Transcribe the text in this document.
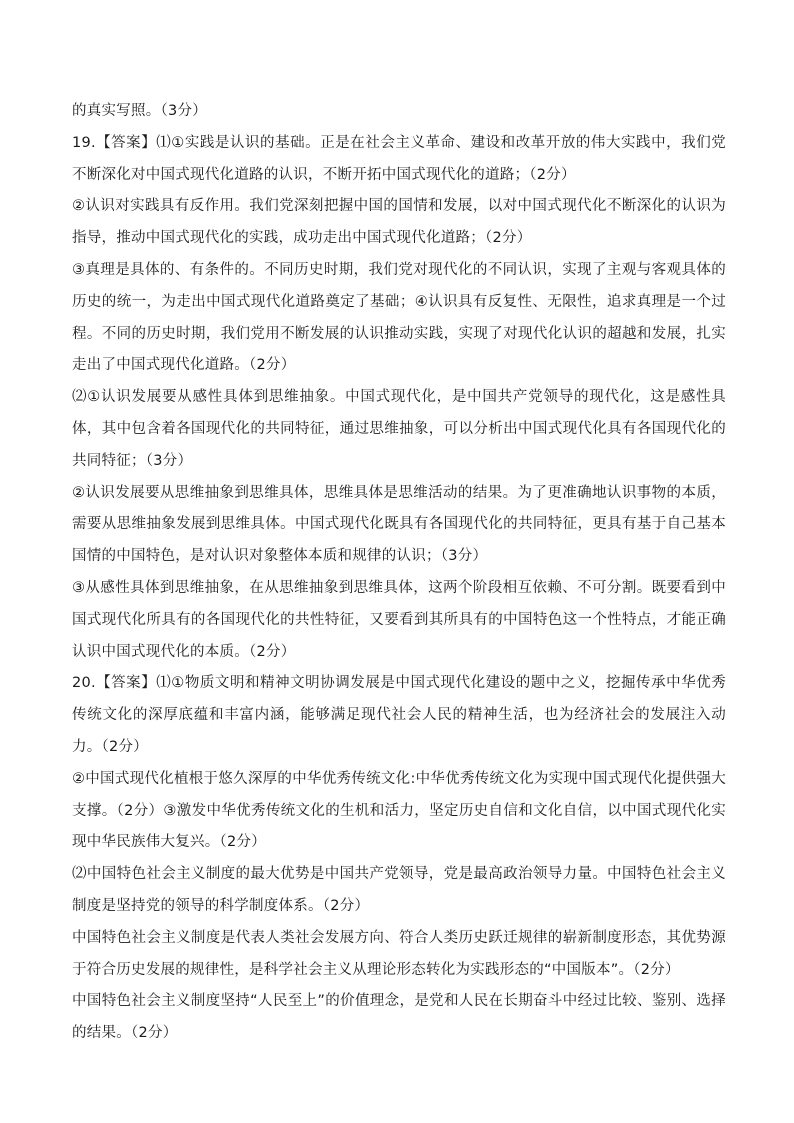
的真实写照。（3分）

19.【答案】⑴①实践是认识的基础。正是在社会主义革命、建设和改革开放的伟大实践中，我们党不断深化对中国式现代化道路的认识，不断开拓中国式现代化的道路；（2分）

②认识对实践具有反作用。我们党深刻把握中国的国情和发展，以对中国式现代化不断深化的认识为指导，推动中国式现代化的实践，成功走出中国式现代化道路；（2分）

③真理是具体的、有条件的。不同历史时期，我们党对现代化的不同认识，实现了主观与客观具体的历史的统一，为走出中国式现代化道路奠定了基础；④认识具有反复性、无限性，追求真理是一个过程。不同的历史时期，我们党用不断发展的认识推动实践，实现了对现代化认识的超越和发展，扎实走出了中国式现代化道路。（2分）

⑵①认识发展要从感性具体到思维抽象。中国式现代化，是中国共产党领导的现代化，这是感性具体，其中包含着各国现代化的共同特征，通过思维抽象，可以分析出中国式现代化具有各国现代化的共同特征；（3分）

②认识发展要从思维抽象到思维具体，思维具体是思维活动的结果。为了更准确地认识事物的本质，需要从思维抽象发展到思维具体。中国式现代化既具有各国现代化的共同特征，更具有基于自己基本国情的中国特色，是对认识对象整体本质和规律的认识；（3分）

③从感性具体到思维抽象，在从思维抽象到思维具体，这两个阶段相互依赖、不可分割。既要看到中国式现代化所具有的各国现代化的共性特征，又要看到其所具有的中国特色这一个性特点，才能正确认识中国式现代化的本质。（2分）

20.【答案】⑴①物质文明和精神文明协调发展是中国式现代化建设的题中之义，挖掘传承中华优秀传统文化的深厚底蕴和丰富内涵，能够满足现代社会人民的精神生活，也为经济社会的发展注入动力。（2分）

②中国式现代化植根于悠久深厚的中华优秀传统文化:中华优秀传统文化为实现中国式现代化提供强大支撑。（2分）③激发中华优秀传统文化的生机和活力，坚定历史自信和文化自信，以中国式现代化实现中华民族伟大复兴。（2分）

⑵中国特色社会主义制度的最大优势是中国共产党领导，党是最高政治领导力量。中国特色社会主义制度是坚持党的领导的科学制度体系。（2分）

中国特色社会主义制度是代表人类社会发展方向、符合人类历史跃迁规律的崭新制度形态，其优势源于符合历史发展的规律性，是科学社会主义从理论形态转化为实践形态的“中国版本”。（2分）

中国特色社会主义制度坚持“人民至上”的价值理念，是党和人民在长期奋斗中经过比较、鉴别、选择的结果。（2分）
